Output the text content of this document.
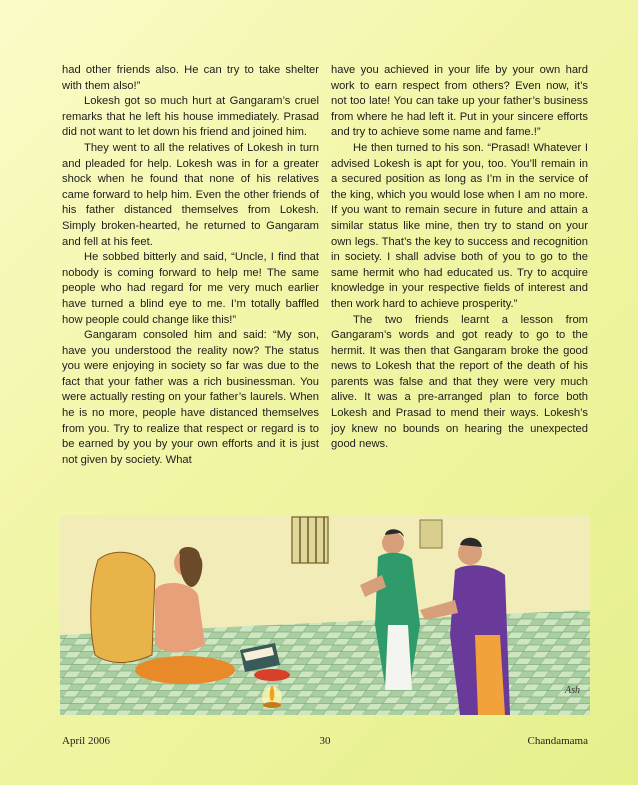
had other friends also. He can try to take shelter with them also!”

Lokesh got so much hurt at Gangaram’s cruel remarks that he left his house immediately. Prasad did not want to let down his friend and joined him.

They went to all the relatives of Lokesh in turn and pleaded for help. Lokesh was in for a greater shock when he found that none of his relatives came forward to help him. Even the other friends of his father distanced themselves from Lokesh. Simply broken-hearted, he returned to Gangaram and fell at his feet.

He sobbed bitterly and said, “Uncle, I find that nobody is coming forward to help me! The same people who had regard for me very much earlier have turned a blind eye to me. I’m totally baffled how people could change like this!”

Gangaram consoled him and said: “My son, have you understood the reality now? The status you were enjoying in society so far was due to the fact that your father was a rich businessman. You were actually resting on your father’s laurels. When he is no more, people have distanced themselves from you. Try to realize that respect or regard is to be earned by you by your own efforts and it is just not given by society. What

have you achieved in your life by your own hard work to earn respect from others? Even now, it’s not too late! You can take up your father’s business from where he had left it. Put in your sincere efforts and try to achieve some name and fame.!”

He then turned to his son. “Prasad! Whatever I advised Lokesh is apt for you, too. You’ll remain in a secured position as long as I’m in the service of the king, which you would lose when I am no more. If you want to remain secure in future and attain a similar status like mine, then try to stand on your own legs. That’s the key to success and recognition in society. I shall advise both of you to go to the same hermit who had educated us. Try to acquire knowledge in your respective fields of interest and then work hard to achieve prosperity.”

The two friends learnt a lesson from Gangaram’s words and got ready to go to the hermit. It was then that Gangaram broke the good news to Lokesh that the report of the death of his parents was false and that they were very much alive. It was a pre-arranged plan to force both Lokesh and Prasad to mend their ways. Lokesh’s joy knew no bounds on hearing the unexpected good news.

Ash
April 2006	30	Chandamama
